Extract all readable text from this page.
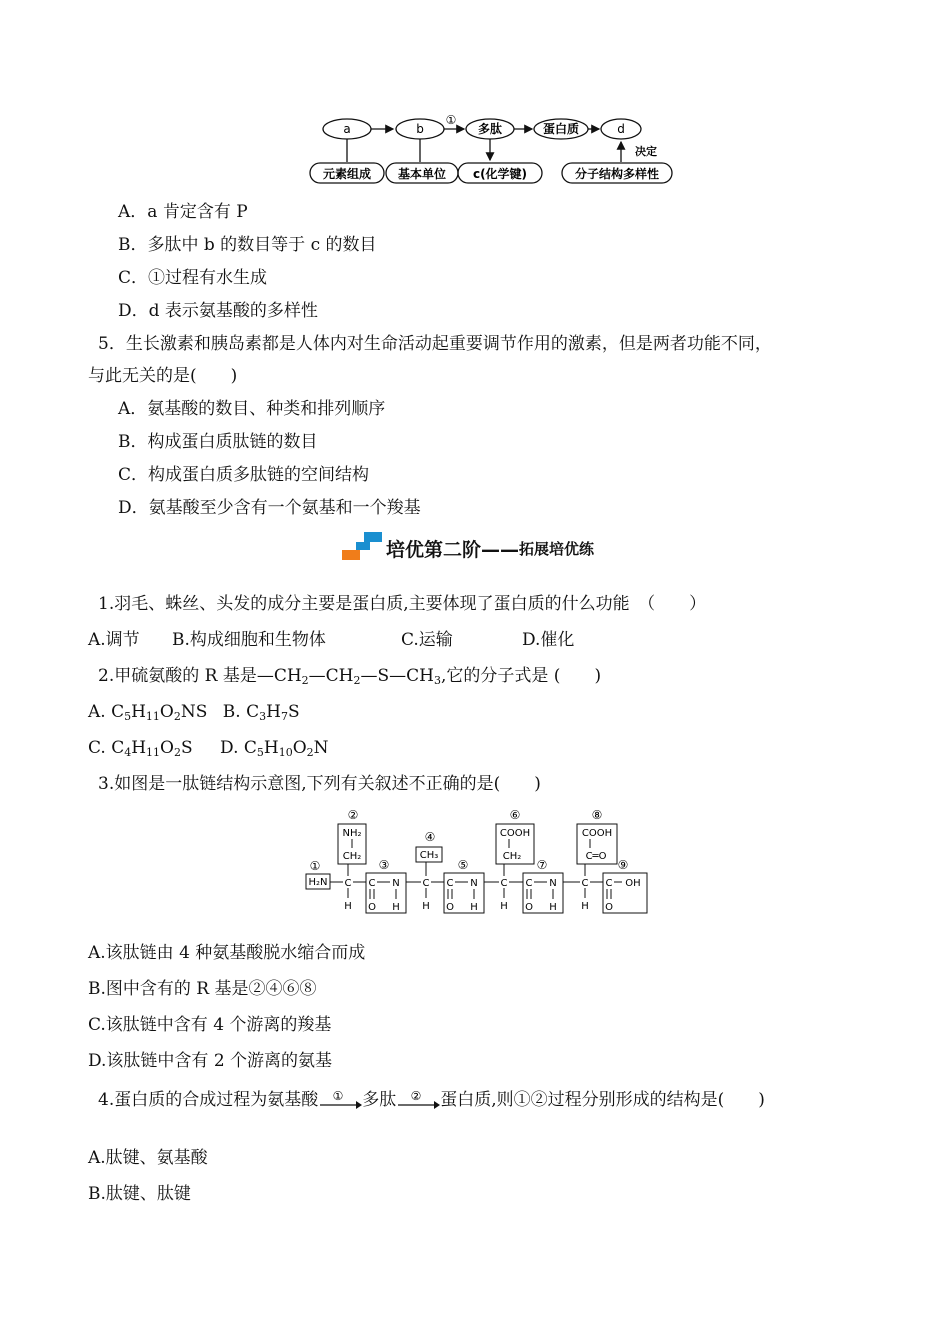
a	b	多肽	蛋白质	d
①
决定
元素组成 基本单位 c(化学键)	分子结构多样性
A．a 肯定含有 P
B．多肽中 b 的数目等于 c 的数目
C．①过程有水生成
D．d 表示氨基酸的多样性
5．生长激素和胰岛素都是人体内对生命活动起重要调节作用的激素，但是两者功能不同，
与此无关的是(　　)
A．氨基酸的数目、种类和排列顺序
B．构成蛋白质肽链的数目
C．构成蛋白质多肽链的空间结构
D．氨基酸至少含有一个氨基和一个羧基
培优第二阶—— 拓展培优练
1.羽毛、蛛丝、头发的成分主要是蛋白质,主要体现了蛋白质的什么功能　（　　）
A.调节 B.构成细胞和生物体	C.运输	D.催化
2.甲硫氨酸的 R 基是$—CH_2—CH_2—S—CH_3$,它的分子式是 (　　)
A. $C_5H_{11}O_2NS$ B. $C_3H_7S$
C. $C_4H_{11}O_2S$ D. $C_5H_{10}O_2N$
3.如图是一肽链结构示意图,下列有关叙述不正确的是(　　)
①
②
③
④
⑤
⑥
⑦
⑧
⑨
H₂N C
H
NH₂
CH₂
C N
O H
C
H
CH₃
C N
O H
C
H
COOH
CH₂
C N
O H
C
H
COOH
C═O
C OH
O
A.该肽链由 4 种氨基酸脱水缩合而成
B.图中含有的 R 基是②④⑥⑧
C.该肽链中含有 4 个游离的羧基
D.该肽链中含有 2 个游离的氨基
4.蛋白质的合成过程为氨基酸 ① 多肽 ② 蛋白质,则①②过程分别形成的结构是(　　)
A.肽键、氨基酸
B.肽键、肽键
